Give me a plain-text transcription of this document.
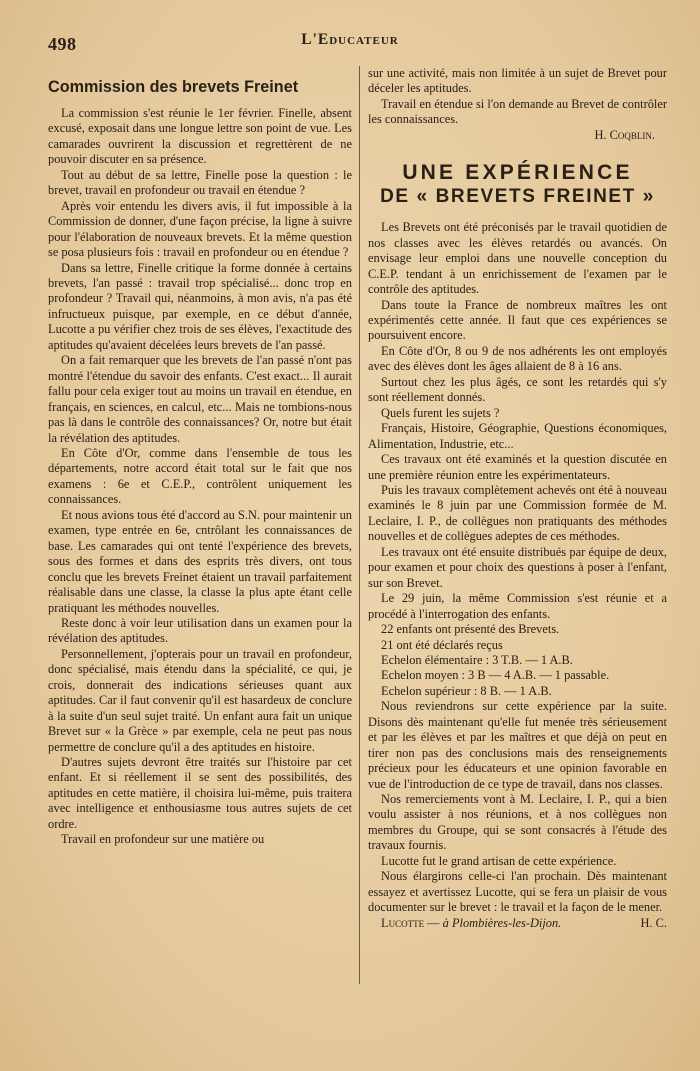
498	L'Educateur
Commission des brevets Freinet

La commission s'est réunie le 1er février. Finelle, absent excusé, exposait dans une longue lettre son point de vue. Les camarades ouvrirent la discussion et regrettèrent de ne pouvoir discuter en sa présence.

Tout au début de sa lettre, Finelle pose la question : le brevet, travail en profondeur ou travail en étendue ?

Après voir entendu les divers avis, il fut impossible à la Commission de donner, d'une façon précise, la ligne à suivre pour l'élaboration de nouveaux brevets. Et la même question se posa plusieurs fois : travail en profondeur ou en étendue ?

Dans sa lettre, Finelle critique la forme donnée à certains brevets, l'an passé : travail trop spécialisé... donc trop en profondeur ? Travail qui, néanmoins, à mon avis, n'a pas été infructueux puisque, par exemple, en ce début d'année, Lucotte a pu vérifier chez trois de ses élèves, l'exactitude des aptitudes qu'avaient décelées leurs brevets de l'an passé.

On a fait remarquer que les brevets de l'an passé n'ont pas montré l'étendue du savoir des enfants. C'est exact... Il aurait fallu pour cela exiger tout au moins un travail en étendue, en français, en sciences, en calcul, etc... Mais ne tombions-nous pas là dans le contrôle des connaissances? Or, notre but était la révélation des aptitudes.

En Côte d'Or, comme dans l'ensemble de tous les départements, notre accord était total sur le fait que nos examens : 6e et C.E.P., contrôlent uniquement les connaissances.

Et nous avions tous été d'accord au S.N. pour maintenir un examen, type entrée en 6e, cntrôlant les connaissances de base. Les camarades qui ont tenté l'expérience des brevets, sous des formes et dans des esprits très divers, ont tous conclu que les brevets Freinet étaient un travail parfaitement réalisable dans une classe, la classe la plus apte étant celle pratiquant les méthodes nouvelles.

Reste donc à voir leur utilisation dans un examen pour la révélation des aptitudes.

Personnellement, j'opterais pour un travail en profondeur, donc spécialisé, mais étendu dans la spécialité, ce qui, je crois, donnerait des indications sérieuses quant aux aptitudes. Car il faut convenir qu'il est hasardeux de conclure à la suite d'un seul sujet traité. Un enfant aura fait un unique Brevet sur « la Grèce » par exemple, cela ne peut pas nous permettre de conclure qu'il a des aptitudes en histoire.

D'autres sujets devront être traités sur l'histoire par cet enfant. Et si réellement il se sent des possibilités, des aptitudes en cette matière, il choisira lui-même, puis traitera avec intelligence et enthousiasme tous autres sujets de cet ordre.

Travail en profondeur sur une matière ou

sur une activité, mais non limitée à un sujet de Brevet pour déceler les aptitudes.

Travail en étendue si l'on demande au Brevet de contrôler les connaissances.

H. Coqblin.
UNE EXPÉRIENCE
DE « BREVETS FREINET »

Les Brevets ont été préconisés par le travail quotidien de nos classes avec les élèves retardés ou avancés. On envisage leur emploi dans une nouvelle conception du C.E.P. tendant à un enrichissement de l'examen par le contrôle des aptitudes.

Dans toute la France de nombreux maîtres les ont expérimentés cette année. Il faut que ces expériences se poursuivent encore.

En Côte d'Or, 8 ou 9 de nos adhérents les ont employés avec des élèves dont les âges allaient de 8 à 16 ans.

Surtout chez les plus âgés, ce sont les retardés qui s'y sont réellement donnés.

Quels furent les sujets ?

Français, Histoire, Géographie, Questions économiques, Alimentation, Industrie, etc...

Ces travaux ont été examinés et la question discutée en une première réunion entre les expérimentateurs.

Puis les travaux complètement achevés ont été à nouveau examinés le 8 juin par une Commission formée de M. Leclaire, I. P., de collègues non pratiquants des méthodes nouvelles et de collègues adeptes de ces méthodes.

Les travaux ont été ensuite distribués par équipe de deux, pour examen et pour choix des questions à poser à l'enfant, sur son Brevet.

Le 29 juin, la même Commission s'est réunie et a procédé à l'interrogation des enfants.

22 enfants ont présenté des Brevets.

21 ont été déclarés reçus

Echelon élémentaire : 3 T.B. — 1 A.B.

Echelon moyen : 3 B — 4 A.B. — 1 passable.

Echelon supérieur : 8 B. — 1 A.B.

Nous reviendrons sur cette expérience par la suite. Disons dès maintenant qu'elle fut menée très sérieusement et par les élèves et par les maîtres et que déjà on peut en tirer non pas des conclusions mais des renseignements précieux pour les éducateurs et une opinion favorable en vue de l'introduction de ce type de travail, dans nos classes.

Nos remerciements vont à M. Leclaire, I. P., qui a bien voulu assister à nos réunions, et à nos collègues non membres du Groupe, qui se sont consacrés à l'étude des travaux fournis.

Lucotte fut le grand artisan de cette expérience.

Nous élargirons celle-ci l'an prochain. Dès maintenant essayez et avertissez Lucotte, qui se fera un plaisir de vous documenter sur le brevet : le travail et la façon de le mener.

Lucotte — à Plombières-les-Dijon.	H. C.
